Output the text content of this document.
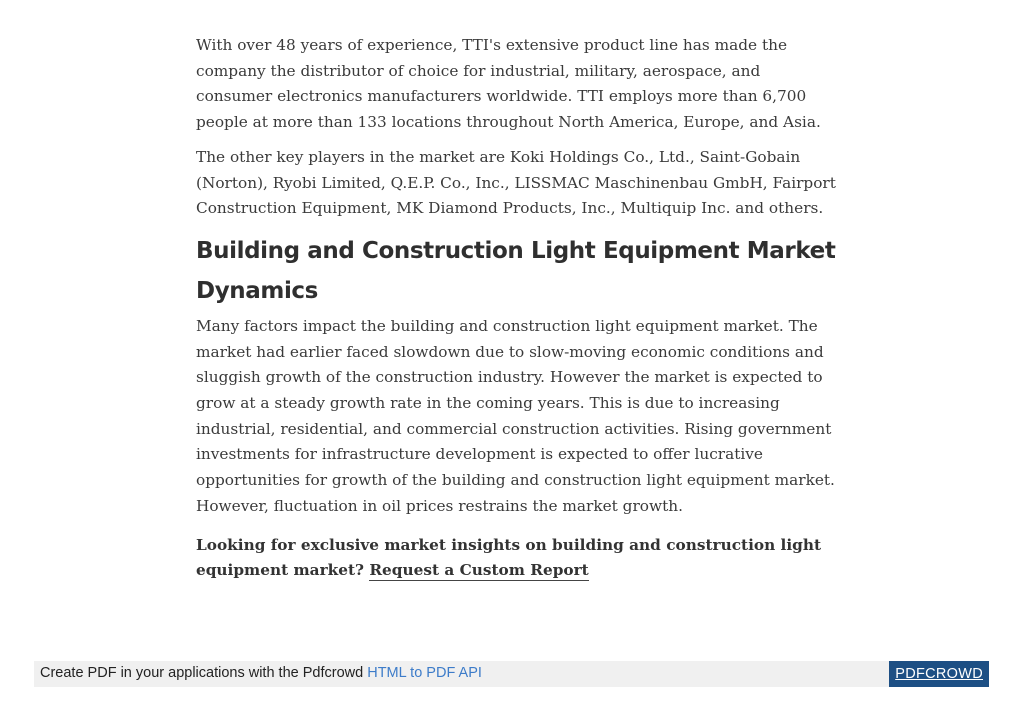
With over 48 years of experience, TTI's extensive product line has made the company the distributor of choice for industrial, military, aerospace, and consumer electronics manufacturers worldwide. TTI employs more than 6,700 people at more than 133 locations throughout North America, Europe, and Asia.

The other key players in the market are Koki Holdings Co., Ltd., Saint-Gobain (Norton), Ryobi Limited, Q.E.P. Co., Inc., LISSMAC Maschinenbau GmbH, Fairport Construction Equipment, MK Diamond Products, Inc., Multiquip Inc. and others.

Building and Construction Light Equipment Market Dynamics

Many factors impact the building and construction light equipment market. The market had earlier faced slowdown due to slow-moving economic conditions and sluggish growth of the construction industry. However the market is expected to grow at a steady growth rate in the coming years. This is due to increasing industrial, residential, and commercial construction activities. Rising government investments for infrastructure development is expected to offer lucrative opportunities for growth of the building and construction light equipment market. However, fluctuation in oil prices restrains the market growth.

Looking for exclusive market insights on building and construction light equipment market? Request a Custom Report

Create PDF in your applications with the Pdfcrowd HTML to PDF API	PDFCROWD
